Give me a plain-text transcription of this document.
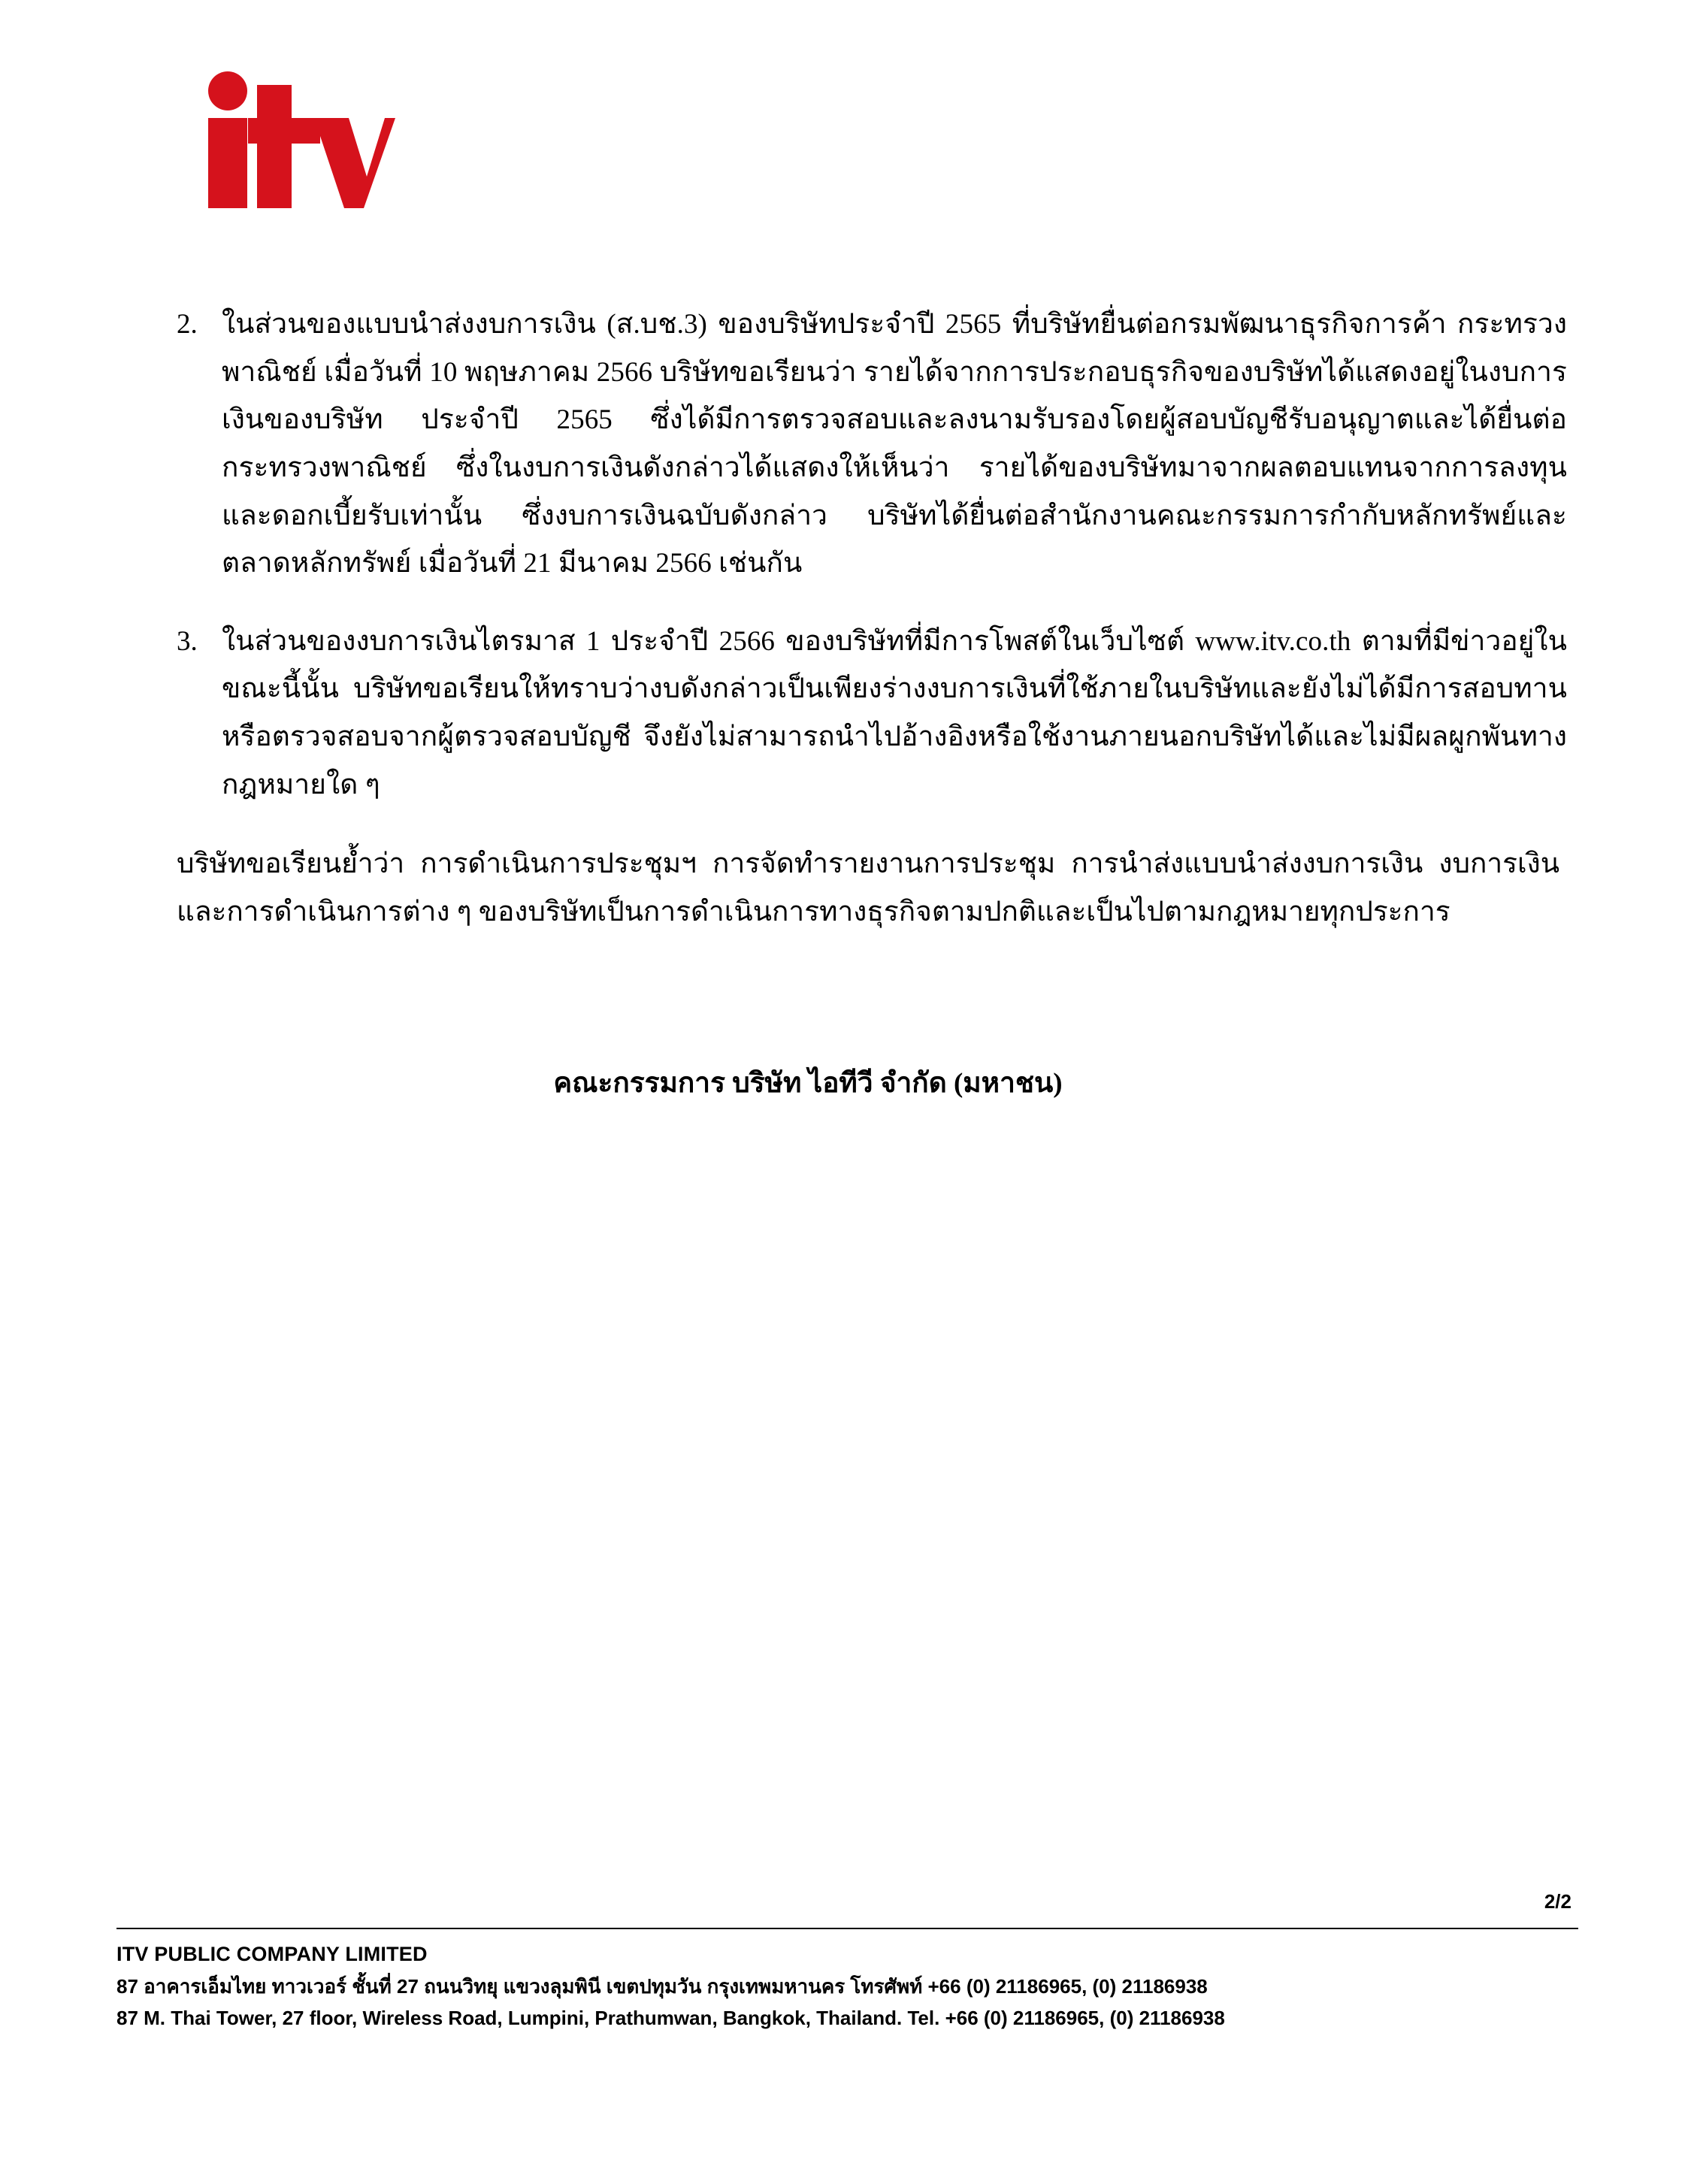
2. ในส่วนของแบบนำส่งงบการเงิน (ส.บช.3) ของบริษัทประจำปี 2565 ที่บริษัทยื่นต่อกรมพัฒนาธุรกิจการค้า กระทรวงพาณิชย์ เมื่อวันที่ 10 พฤษภาคม 2566 บริษัทขอเรียนว่า รายได้จากการประกอบธุรกิจของบริษัทได้แสดงอยู่ในงบการเงินของบริษัท ประจำปี 2565 ซึ่งได้มีการตรวจสอบและลงนามรับรองโดยผู้สอบบัญชีรับอนุญาตและได้ยื่นต่อกระทรวงพาณิชย์ ซึ่งในงบการเงินดังกล่าวได้แสดงให้เห็นว่า รายได้ของบริษัทมาจากผลตอบแทนจากการลงทุนและดอกเบี้ยรับเท่านั้น ซึ่งงบการเงินฉบับดังกล่าว บริษัทได้ยื่นต่อสำนักงานคณะกรรมการกำกับหลักทรัพย์และตลาดหลักทรัพย์ เมื่อวันที่ 21 มีนาคม 2566 เช่นกัน
3. ในส่วนของงบการเงินไตรมาส 1 ประจำปี 2566 ของบริษัทที่มีการโพสต์ในเว็บไซต์ www.itv.co.th ตามที่มีข่าวอยู่ในขณะนี้นั้น บริษัทขอเรียนให้ทราบว่างบดังกล่าวเป็นเพียงร่างงบการเงินที่ใช้ภายในบริษัทและยังไม่ได้มีการสอบทานหรือตรวจสอบจากผู้ตรวจสอบบัญชี จึงยังไม่สามารถนำไปอ้างอิงหรือใช้งานภายนอกบริษัทได้และไม่มีผลผูกพันทางกฎหมายใด ๆ
บริษัทขอเรียนย้ำว่า การดำเนินการประชุมฯ การจัดทำรายงานการประชุม การนำส่งแบบนำส่งงบการเงิน งบการเงิน และการดำเนินการต่าง ๆ ของบริษัทเป็นการดำเนินการทางธุรกิจตามปกติและเป็นไปตามกฎหมายทุกประการ
คณะกรรมการ บริษัท ไอทีวี จำกัด (มหาชน)
2/2
ITV PUBLIC COMPANY LIMITED
87 อาคารเอ็มไทย ทาวเวอร์ ชั้นที่ 27 ถนนวิทยุ แขวงลุมพินี เขตปทุมวัน กรุงเทพมหานคร โทรศัพท์ +66 (0) 21186965, (0) 21186938
87 M. Thai Tower, 27 floor, Wireless Road, Lumpini, Prathumwan, Bangkok, Thailand. Tel. +66 (0) 21186965, (0) 21186938
